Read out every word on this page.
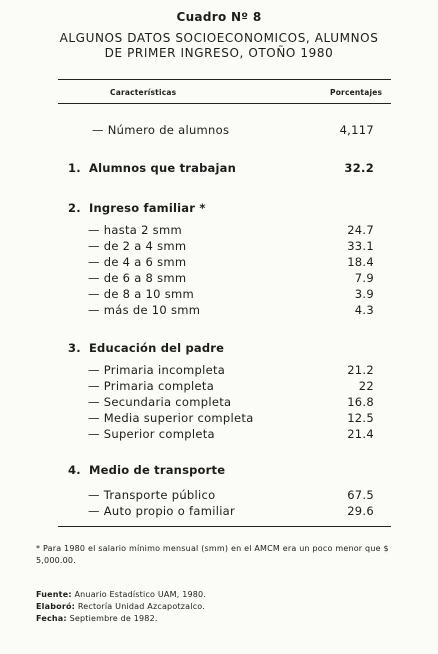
Cuadro Nº 8
ALGUNOS DATOS SOCIOECONOMICOS, ALUMNOS
DE PRIMER INGRESO, OTOÑO 1980
Características	Porcentajes
— Número de alumnos	4,117
1. Alumnos que trabajan	32.2
2. Ingreso familiar *
— hasta 2 smm	24.7
— de 2 a 4 smm	33.1
— de 4 a 6 smm	18.4
— de 6 a 8 smm	7.9
— de 8 a 10 smm	3.9
— más de 10 smm	4.3
3. Educación del padre
— Primaria incompleta	21.2
— Primaria completa	22
— Secundaria completa	16.8
— Media superior completa	12.5
— Superior completa	21.4
4. Medio de transporte
— Transporte público	67.5
— Auto propio o familiar	29.6
* Para 1980 el salario mínimo mensual (smm) en el AMCM era un poco menor que $ 5,000.00.
Fuente: Anuario Estadístico UAM, 1980.
Elaboró: Rectoría Unidad Azcapotzalco.
Fecha: Septiembre de 1982.
